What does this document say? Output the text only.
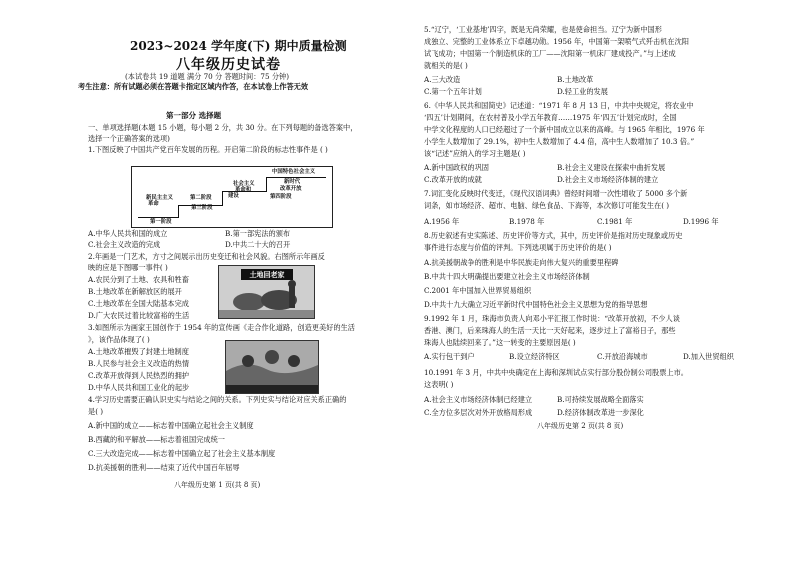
2023~2024 学年度(下) 期中质量检测
八年级历史试卷
(本试卷共 19 道题 满分 70 分 答题时间：75 分钟)
考生注意：所有试题必须在答题卡指定区域内作答，在本试卷上作答无效
第一部分 选择题
一、单项选择题(本题 15 小题，每小题 2 分，共 30 分。在下列每题的备选答案中，
选择一个正确答案的选项)
1.下图反映了中国共产党百年发展的历程。开启第二阶段的标志性事件是 ( )
中国特色社会主义
新时代
改革开放
社会主义
革命和
建设
第三阶段
新民主主义
革命
第四阶段
第二阶段
第一阶段
A.中华人民共和国的成立	B.第一部宪法的颁布
C.社会主义改造的完成	D.中共二十大的召开
2.年画是一门艺术，方寸之间展示出历史变迁和社会风貌。右图所示年画反
映的应是下图哪一事件( )
A.农民分到了土地、农具和牲畜
B.土地改革在新解放区的展开
C.土地改革在全国大陆基本完成
D.广大农民过着比较富裕的生活
土地回老家
3.如图所示为画家王国创作于 1954 年的宣传画《走合作化道路，创造更美好的生活
》，该作品体现了( )
A.土地改革摧毁了封建土地制度
B.人民参与社会主义改造的热情
C.改革开放得到人民热烈的拥护
D.中华人民共和国工业化的起步
4.学习历史需要正确认识史实与结论之间的关系。下列史实与结论对应关系正确的
是( )
A.新中国的成立——标志着中国确立起社会主义制度
B.西藏的和平解放——标志着祖国完成统一
C.三大改造完成——标志着中国确立起了社会主义基本制度
D.抗美援朝的胜利——结束了近代中国百年屈辱
八年级历史第 1 页(共 8 页)
5.“辽宁，‘工业基地’四字，既是无尚荣耀，也是使命担当。辽宁为新中国形
成独立、完整的工业体系立下卓越功勋。1956 年，中国第一架喷气式歼击机在沈阳
试飞成功；中国第一个制造机床的工厂——沈阳第一机床厂建成投产。”与上述成
就相关的是( )
A.三大改造	B.土地改革
C.第一个五年计划	D.轻工业的发展
6.《中华人民共和国简史》记述道：“1971 年 8 月 13 日，中共中央规定，将农业中
‘四五’计划期间，在农村普及小学五年教育……1975 年‘四五’计划完成时，全国
中学文化程度的人口已经超过了一个新中国成立以来的高峰。与 1965 年相比，1976 年
小学生人数增加了 29.1%，初中生人数增加了 4.4 倍，高中生人数增加了 10.3 倍。”
该“记述”应纳入的学习主题是( )
A.新中国政权的巩固	B.社会主义建设在探索中曲折发展
C.改革开放的成就	D.社会主义市场经济体制的建立
7.词汇变化反映时代变迁，《现代汉语词典》曾经时间增一次性增收了 5000 多个新
词条，如市场经济、超市、电脑、绿色食品、下海等，本次修订可能发生在( )
A.1956 年	B.1978 年	C.1981 年	D.1996 年
8.历史叙述有史实陈述、历史评价等方式，其中，历史评价是指对历史现象或历史
事件进行态度与价值的评判。下列选项属于历史评价的是( )
A.抗美援朝战争的胜利是中华民族走向伟大复兴的重要里程碑
B.中共十四大明确提出要建立社会主义市场经济体制
C.2001 年中国加入世界贸易组织
D.中共十九大确立习近平新时代中国特色社会主义思想为党的指导思想
9.1992 年 1 月，珠海市负责人向邓小平汇报工作时说：“改革开放初，不少人谈
香港、澳门，后来珠海人的生活一天比一天好起来，逐步过上了富裕日子，那些
珠海人也陆续回来了。”这一转变的主要原因是( )
A.实行包干到户	B.设立经济特区	C.开放沿海城市	D.加入世贸组织
10.1991 年 3 月，中共中央确定在上海和深圳试点实行部分股份制公司股票上市。
这表明( )
A.社会主义市场经济体制已经建立	B.可持续发展战略全面落实
C.全方位多层次对外开放格局形成	D.经济体制改革进一步深化
八年级历史第 2 页(共 8 页)
